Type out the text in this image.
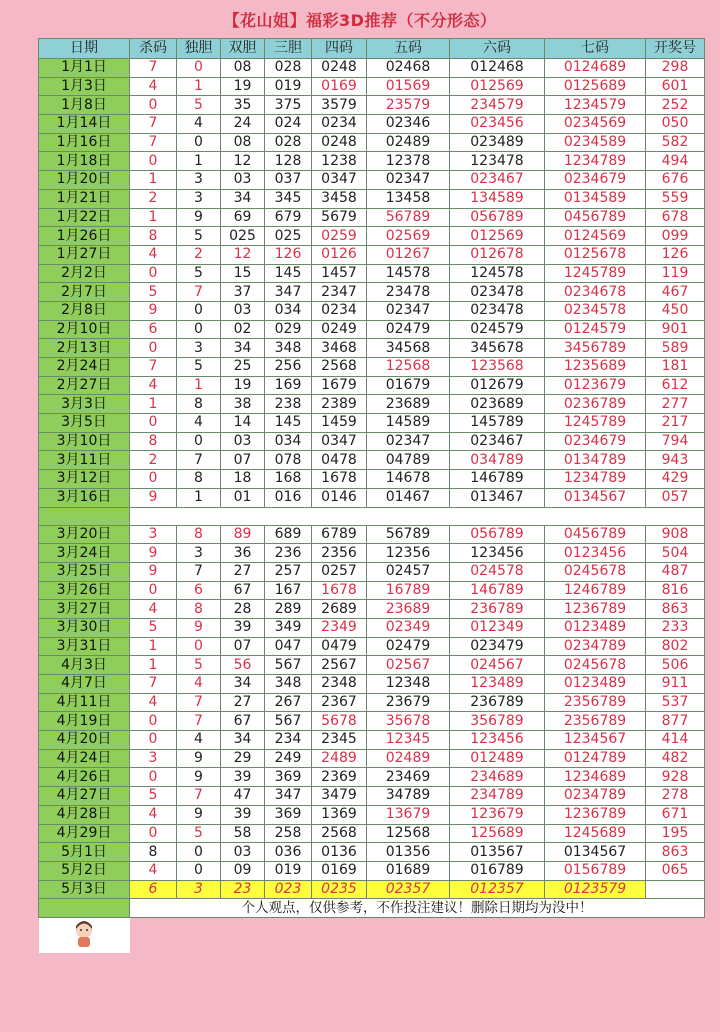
【花山姐】福彩3D推荐（不分形态）
日期	杀码	独胆	双胆	三胆	四码	五码	六码	七码	开奖号
1月1日	7	0	08	028	0248	02468	012468	0124689	298
1月3日	4	1	19	019	0169	01569	012569	0125689	601
1月8日	0	5	35	375	3579	23579	234579	1234579	252
1月14日	7	4	24	024	0234	02346	023456	0234569	050
1月16日	7	0	08	028	0248	02489	023489	0234589	582
1月18日	0	1	12	128	1238	12378	123478	1234789	494
1月20日	1	3	03	037	0347	02347	023467	0234679	676
1月21日	2	3	34	345	3458	13458	134589	0134589	559
1月22日	1	9	69	679	5679	56789	056789	0456789	678
1月26日	8	5	025	025	0259	02569	012569	0124569	099
1月27日	4	2	12	126	0126	01267	012678	0125678	126
2月2日	0	5	15	145	1457	14578	124578	1245789	119
2月7日	5	7	37	347	2347	23478	023478	0234678	467
2月8日	9	0	03	034	0234	02347	023478	0234578	450
2月10日	6	0	02	029	0249	02479	024579	0124579	901
2月13日	0	3	34	348	3468	34568	345678	3456789	589
2月24日	7	5	25	256	2568	12568	123568	1235689	181
2月27日	4	1	19	169	1679	01679	012679	0123679	612
3月3日	1	8	38	238	2389	23689	023689	0236789	277
3月5日	0	4	14	145	1459	14589	145789	1245789	217
3月10日	8	0	03	034	0347	02347	023467	0234679	794
3月11日	2	7	07	078	0478	04789	034789	0134789	943
3月12日	0	8	18	168	1678	14678	146789	1234789	429
3月16日	9	1	01	016	0146	01467	013467	0134567	057

3月20日	3	8	89	689	6789	56789	056789	0456789	908
3月24日	9	3	36	236	2356	12356	123456	0123456	504
3月25日	9	7	27	257	0257	02457	024578	0245678	487
3月26日	0	6	67	167	1678	16789	146789	1246789	816
3月27日	4	8	28	289	2689	23689	236789	1236789	863
3月30日	5	9	39	349	2349	02349	012349	0123489	233
3月31日	1	0	07	047	0479	02479	023479	0234789	802
4月3日	1	5	56	567	2567	02567	024567	0245678	506
4月7日	7	4	34	348	2348	12348	123489	0123489	911
4月11日	4	7	27	267	2367	23679	236789	2356789	537
4月19日	0	7	67	567	5678	35678	356789	2356789	877
4月20日	0	4	34	234	2345	12345	123456	1234567	414
4月24日	3	9	29	249	2489	02489	012489	0124789	482
4月26日	0	9	39	369	2369	23469	234689	1234689	928
4月27日	5	7	47	347	3479	34789	234789	0234789	278
4月28日	4	9	39	369	1369	13679	123679	1236789	671
4月29日	0	5	58	258	2568	12568	125689	1245689	195
5月1日	8	0	03	036	0136	01356	013567	0134567	863
5月2日	4	0	09	019	0169	01689	016789	0156789	065
5月3日	6	3	23	023	0235	02357	012357	0123579	
	个人观点，仅供参考，不作投注建议！删除日期均为没中！								
